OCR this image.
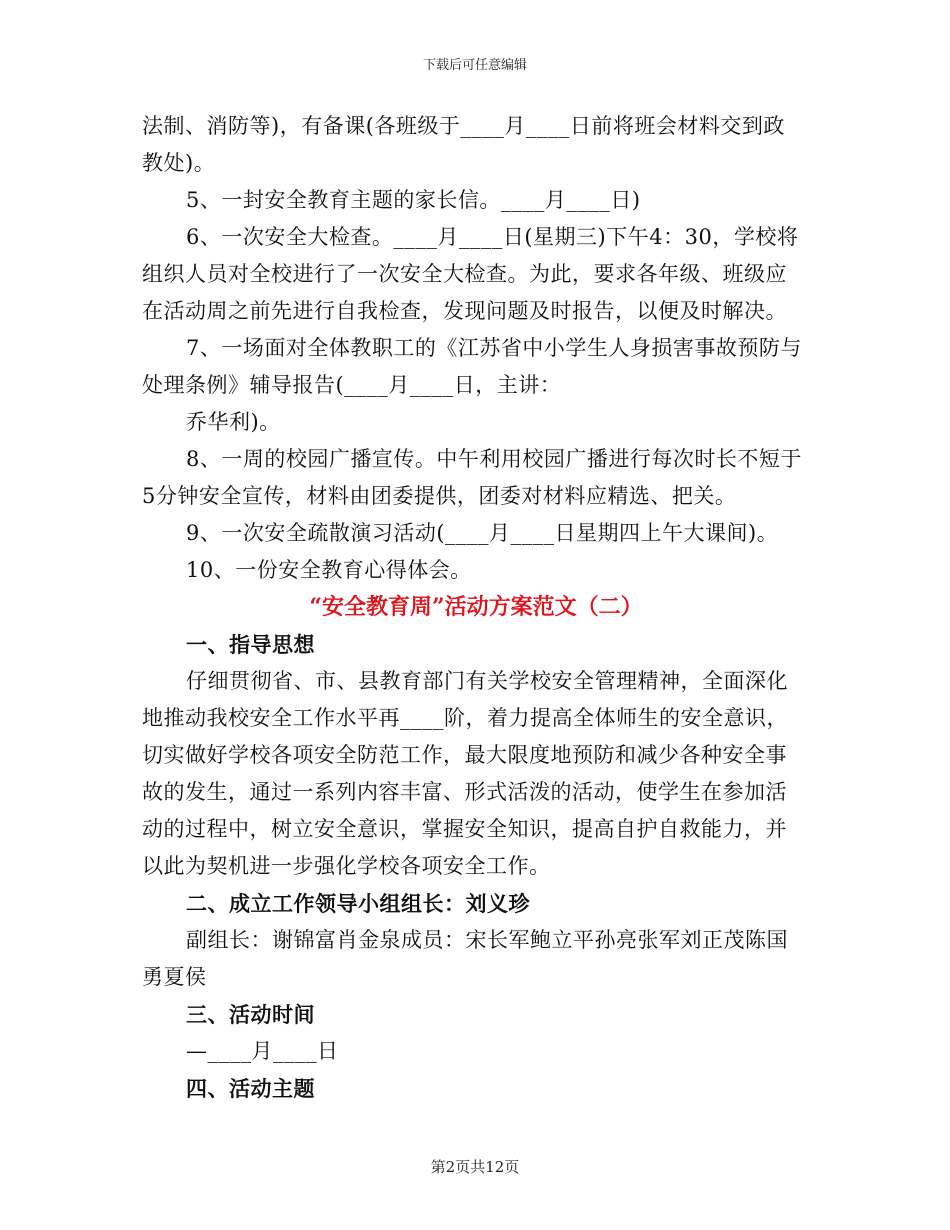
下载后可任意编辑
法制、消防等)，有备课(各班级于____月____日前将班会材料交到政
教处)。
5、一封安全教育主题的家长信。____月____日)
6、一次安全大检查。____月____日(星期三)下午4：30，学校将
组织人员对全校进行了一次安全大检查。为此，要求各年级、班级应
在活动周之前先进行自我检查，发现问题及时报告，以便及时解决。
7、一场面对全体教职工的《江苏省中小学生人身损害事故预防与
处理条例》辅导报告(____月____日，主讲：
乔华利)。
8、一周的校园广播宣传。中午利用校园广播进行每次时长不短于
5分钟安全宣传，材料由团委提供，团委对材料应精选、把关。
9、一次安全疏散演习活动(____月____日星期四上午大课间)。
10、一份安全教育心得体会。
“安全教育周”活动方案范文（二）
一、指导思想
仔细贯彻省、市、县教育部门有关学校安全管理精神，全面深化
地推动我校安全工作水平再____阶，着力提高全体师生的安全意识，
切实做好学校各项安全防范工作，最大限度地预防和减少各种安全事
故的发生，通过一系列内容丰富、形式活泼的活动，使学生在参加活
动的过程中，树立安全意识，掌握安全知识，提高自护自救能力，并
以此为契机进一步强化学校各项安全工作。
二、成立工作领导小组组长：刘义珍
副组长：谢锦富肖金泉成员：宋长军鲍立平孙亮张军刘正茂陈国
勇夏侯
三、活动时间
—____月____日
四、活动主题
第2页共12页
